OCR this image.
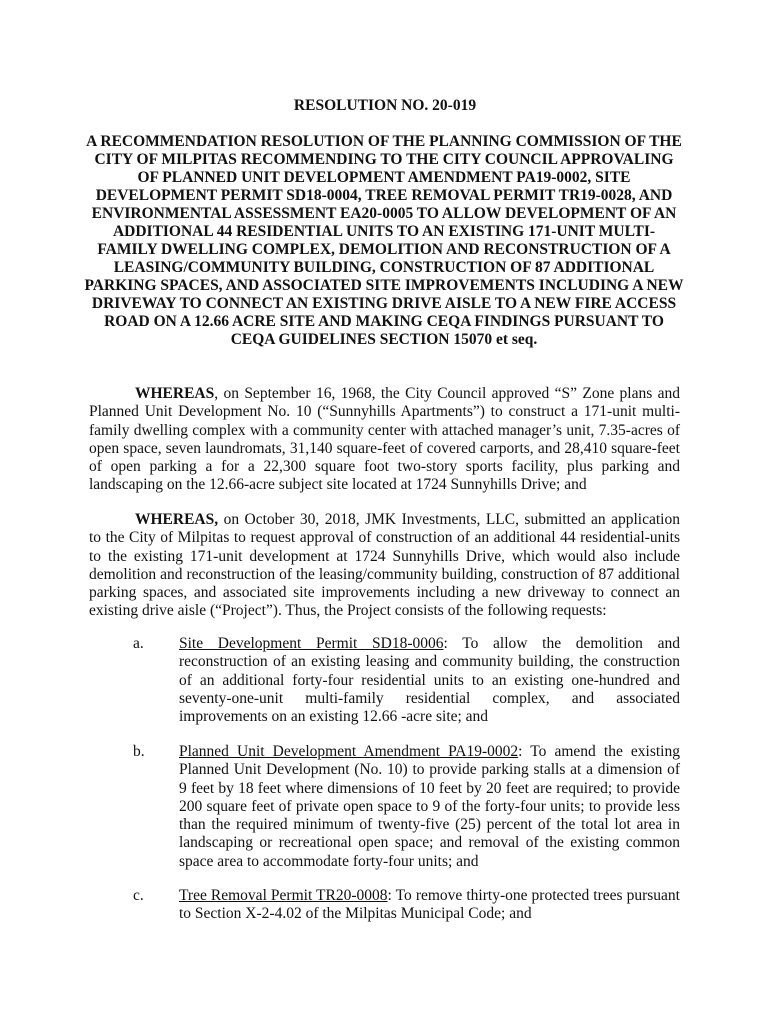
RESOLUTION NO. 20-019

A RECOMMENDATION RESOLUTION OF THE PLANNING COMMISSION OF THE CITY OF MILPITAS RECOMMENDING TO THE CITY COUNCIL APPROVALING OF PLANNED UNIT DEVELOPMENT AMENDMENT PA19-0002, SITE DEVELOPMENT PERMIT SD18-0004, TREE REMOVAL PERMIT TR19-0028, AND ENVIRONMENTAL ASSESSMENT EA20-0005 TO ALLOW DEVELOPMENT OF AN ADDITIONAL 44 RESIDENTIAL UNITS TO AN EXISTING 171-UNIT MULTI-FAMILY DWELLING COMPLEX, DEMOLITION AND RECONSTRUCTION OF A LEASING/COMMUNITY BUILDING, CONSTRUCTION OF 87 ADDITIONAL PARKING SPACES, AND ASSOCIATED SITE IMPROVEMENTS INCLUDING A NEW DRIVEWAY TO CONNECT AN EXISTING DRIVE AISLE TO A NEW FIRE ACCESS ROAD ON A 12.66 ACRE SITE AND MAKING CEQA FINDINGS PURSUANT TO CEQA GUIDELINES SECTION 15070 et seq.

WHEREAS, on September 16, 1968, the City Council approved “S” Zone plans and Planned Unit Development No. 10 (“Sunnyhills Apartments”) to construct a 171-unit multi-family dwelling complex with a community center with attached manager’s unit, 7.35-acres of open space, seven laundromats, 31,140 square-feet of covered carports, and 28,410 square-feet of open parking a for a 22,300 square foot two-story sports facility, plus parking and landscaping on the 12.66-acre subject site located at 1724 Sunnyhills Drive; and

WHEREAS, on October 30, 2018, JMK Investments, LLC, submitted an application to the City of Milpitas to request approval of construction of an additional 44 residential-units to the existing 171-unit development at 1724 Sunnyhills Drive, which would also include demolition and reconstruction of the leasing/community building, construction of 87 additional parking spaces, and associated site improvements including a new driveway to connect an existing drive aisle (“Project”). Thus, the Project consists of the following requests:

a. Site Development Permit SD18-0006: To allow the demolition and reconstruction of an existing leasing and community building, the construction of an additional forty-four residential units to an existing one-hundred and seventy-one-unit multi-family residential complex, and associated improvements on an existing 12.66 -acre site; and

b. Planned Unit Development Amendment PA19-0002: To amend the existing Planned Unit Development (No. 10) to provide parking stalls at a dimension of 9 feet by 18 feet where dimensions of 10 feet by 20 feet are required; to provide 200 square feet of private open space to 9 of the forty-four units; to provide less than the required minimum of twenty-five (25) percent of the total lot area in landscaping or recreational open space; and removal of the existing common space area to accommodate forty-four units; and

c. Tree Removal Permit TR20-0008: To remove thirty-one protected trees pursuant to Section X-2-4.02 of the Milpitas Municipal Code; and
